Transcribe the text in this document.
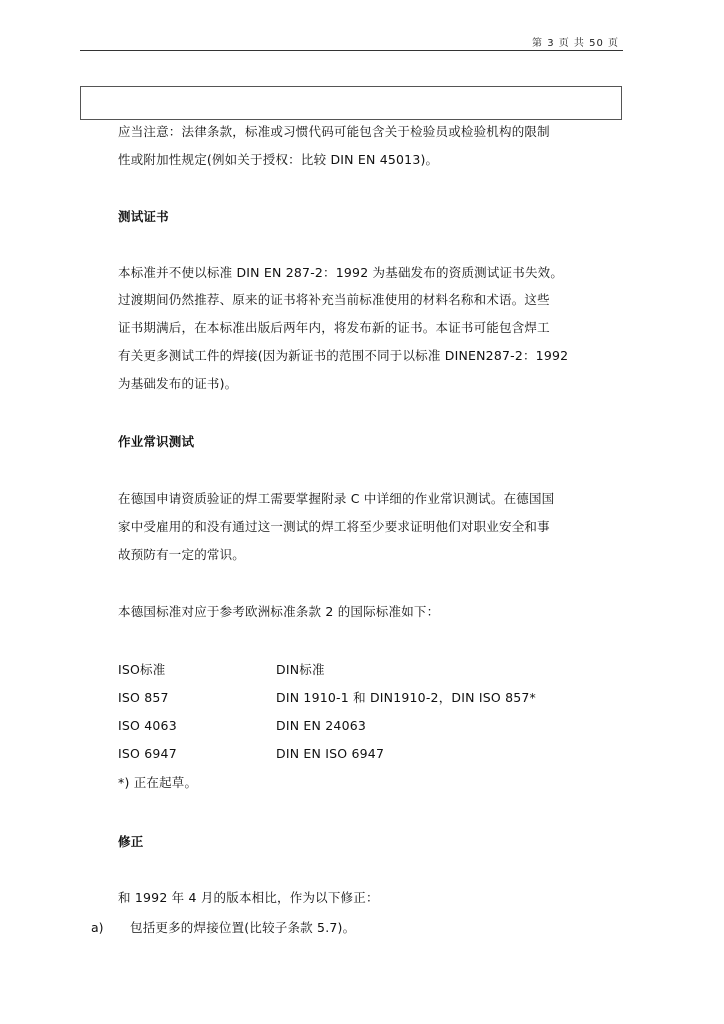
第 3 页 共 50 页
应当注意：法律条款，标准或习惯代码可能包含关于检验员或检验机构的限制
性或附加性规定(例如关于授权：比较 DIN EN 45013)。
测试证书
本标准并不使以标准 DIN EN 287-2：1992 为基础发布的资质测试证书失效。
过渡期间仍然推荐、原来的证书将补充当前标准使用的材料名称和术语。这些
证书期满后，在本标准出版后两年内，将发布新的证书。本证书可能包含焊工
有关更多测试工件的焊接(因为新证书的范围不同于以标准 DINEN287-2：1992
为基础发布的证书)。
作业常识测试
在德国申请资质验证的焊工需要掌握附录 C 中详细的作业常识测试。在德国国
家中受雇用的和没有通过这一测试的焊工将至少要求证明他们对职业安全和事
故预防有一定的常识。
本德国标准对应于参考欧洲标准条款 2 的国际标准如下：
ISO标准	DIN标准
ISO 857	DIN 1910-1 和 DIN1910-2，DIN ISO 857*
ISO 4063	DIN EN 24063
ISO 6947	DIN EN ISO 6947
*) 正在起草。
修正
和 1992 年 4 月的版本相比，作为以下修正：
a) 包括更多的焊接位置(比较子条款 5.7)。
